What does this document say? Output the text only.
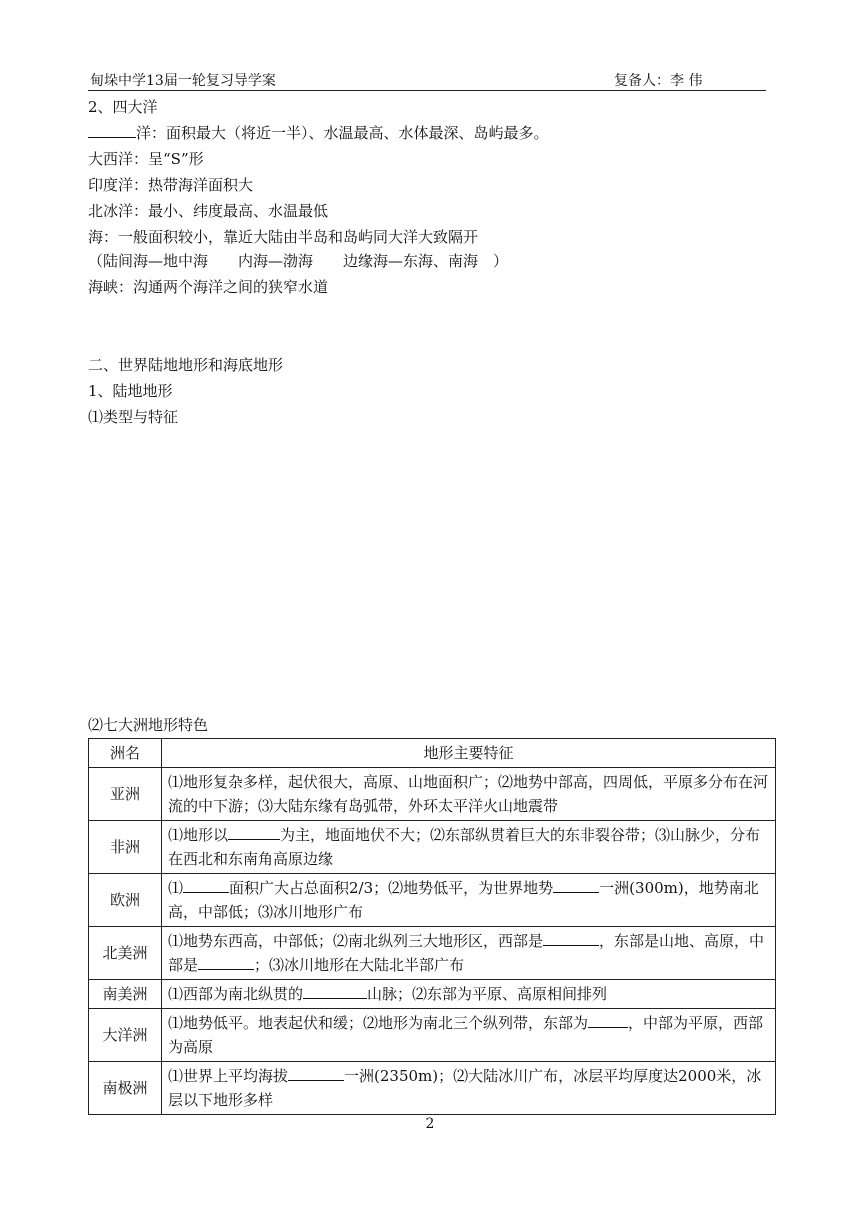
甸垛中学13届一轮复习导学案	复备人：李 伟
2、四大洋
洋：面积最大（将近一半）、水温最高、水体最深、岛屿最多。
大西洋：呈“S”形
印度洋：热带海洋面积大
北冰洋：最小、纬度最高、水温最低
海：一般面积较小，靠近大陆由半岛和岛屿同大洋大致隔开
（陆间海—地中海　　内海—渤海　　边缘海—东海、南海　）
海峡：沟通两个海洋之间的狭窄水道
二、世界陆地地形和海底地形
1、陆地地形
⑴类型与特征
⑵七大洲地形特色
洲名	地形主要特征
亚洲	⑴地形复杂多样，起伏很大，高原、山地面积广；⑵地势中部高，四周低，平原多分布在河流的中下游；⑶大陆东缘有岛弧带，外环太平洋火山地震带
非洲	⑴地形以 为主，地面地伏不大；⑵东部纵贯着巨大的东非裂谷带；⑶山脉少，分布在西北和东南角高原边缘
欧洲	⑴ 面积广大占总面积2/3；⑵地势低平，为世界地势 一洲(300m)，地势南北高，中部低；⑶冰川地形广布
北美洲	⑴地势东西高，中部低；⑵南北纵列三大地形区，西部是 ，东部是山地、高原，中部是 ；⑶冰川地形在大陆北半部广布
南美洲	⑴西部为南北纵贯的 山脉；⑵东部为平原、高原相间排列
大洋洲	⑴地势低平。地表起伏和缓；⑵地形为南北三个纵列带，东部为 ，中部为平原，西部为高原
南极洲	⑴世界上平均海拔 一洲(2350m)；⑵大陆冰川广布，冰层平均厚度达2000米，冰层以下地形多样
2
